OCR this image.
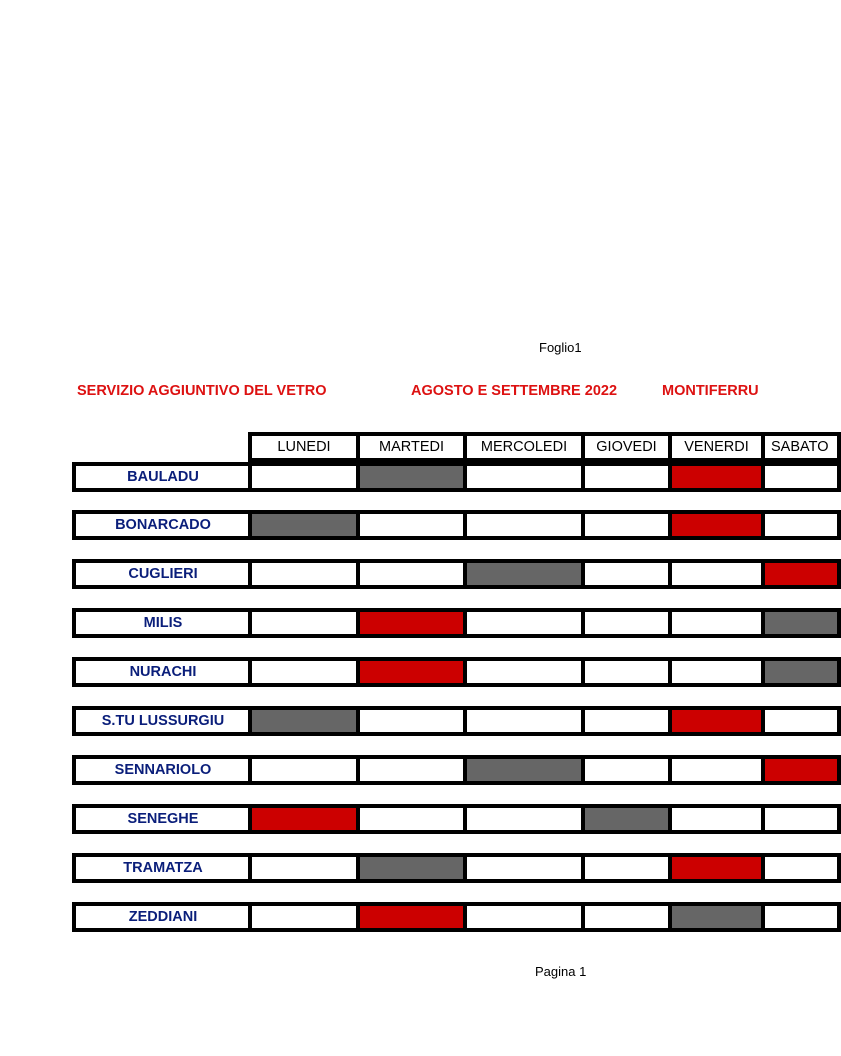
Foglio1
SERVIZIO AGGIUNTIVO DEL VETRO	AGOSTO E SETTEMBRE 2022	MONTIFERRU
LUNEDI	MARTEDI	MERCOLEDI GIOVEDI VENERDI	SABATO
BAULADU
BONARCADO
CUGLIERI
MILIS
NURACHI
S.TU LUSSURGIU
SENNARIOLO
SENEGHE
TRAMATZA
ZEDDIANI
Pagina 1
